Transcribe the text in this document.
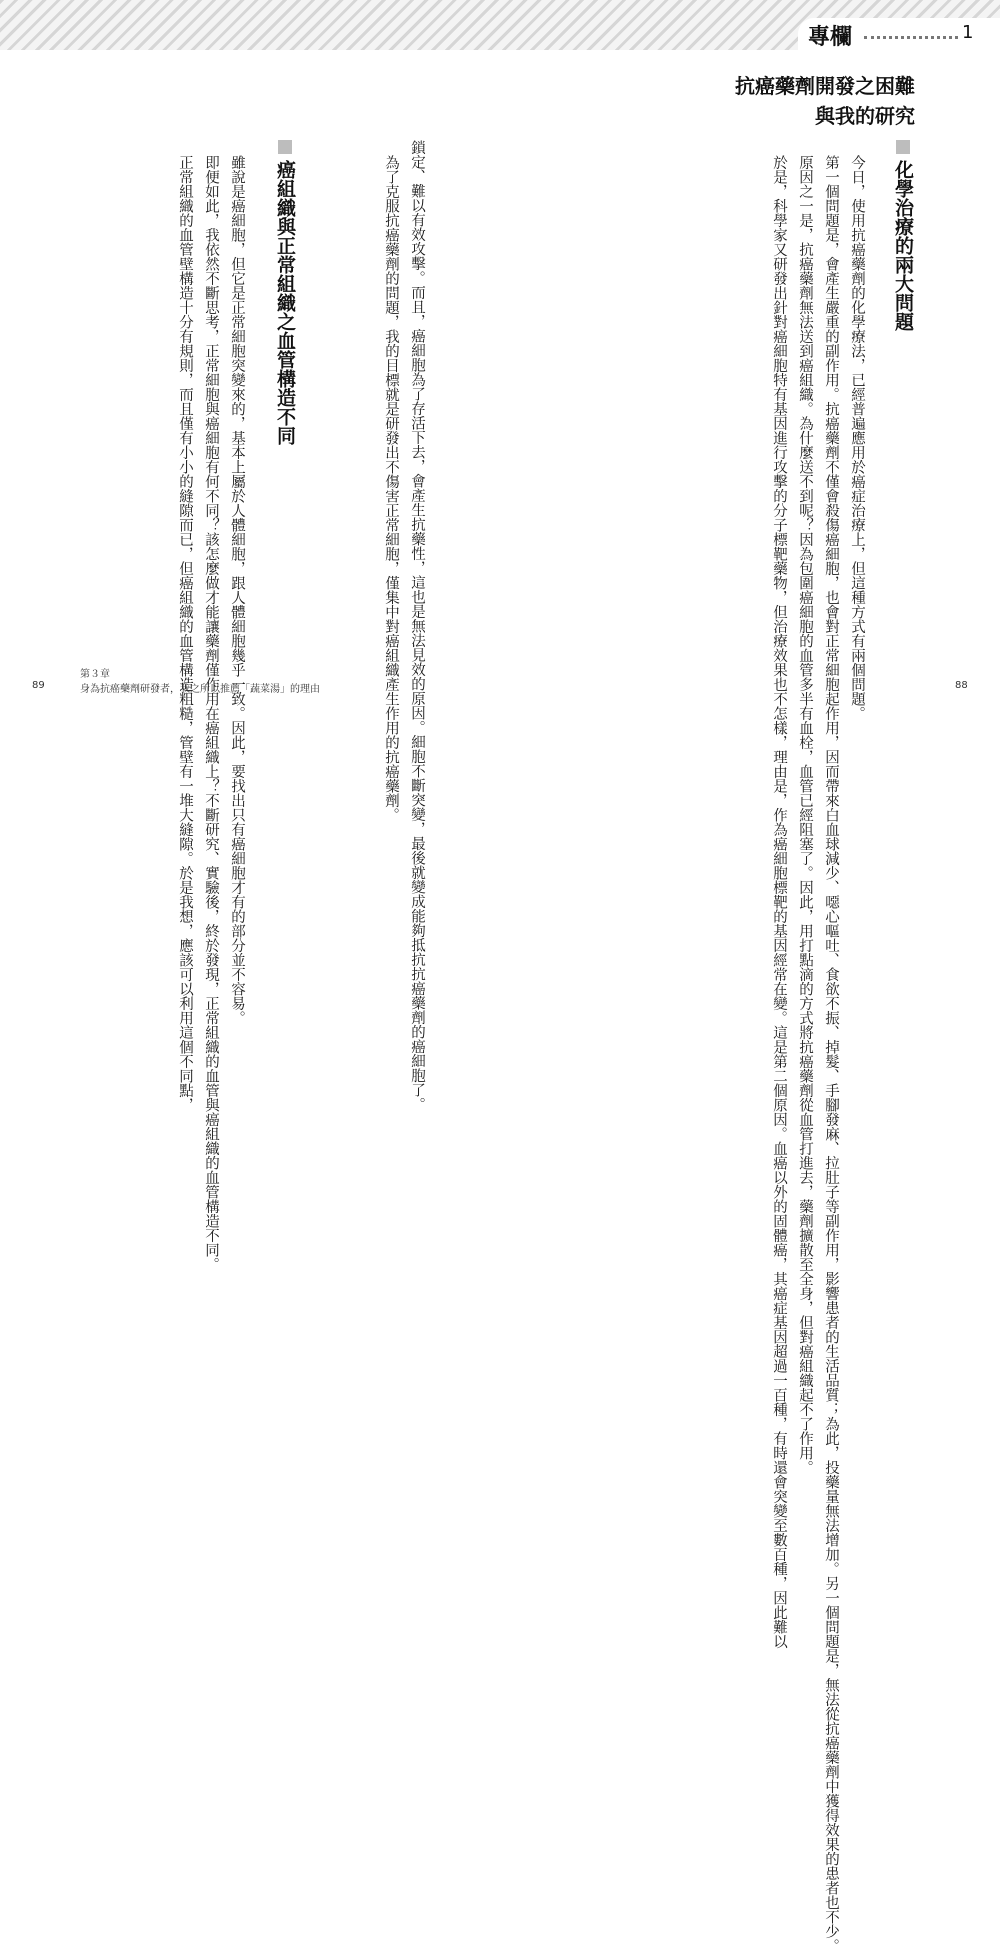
專欄	1
抗癌藥劑開發之困難
與我的研究
化學治療的兩大問題

今日，使用抗癌藥劑的化學療法，已經普遍應用於癌症治療上，但這種方式有兩個問題。

第一個問題是，會產生嚴重的副作用。抗癌藥劑不僅會殺傷癌細胞，也會對正常細胞起作用，因而帶來白血球減少、噁心嘔吐、食欲不振、掉髮、手腳發麻、拉肚子等副作用，影響患者的生活品質；為此，投藥量無法增加。另一個問題是，無法從抗癌藥劑中獲得效果的患者也不少。

原因之一是，抗癌藥劑無法送到癌組織。為什麼送不到呢？因為包圍癌細胞的血管多半有血栓，血管已經阻塞了。因此，用打點滴的方式將抗癌藥劑從血管打進去，藥劑擴散至全身，但對癌組織起不了作用。

於是，科學家又研發出針對癌細胞特有基因進行攻擊的分子標靶藥物，但治療效果也不怎樣，理由是，作為癌細胞標靶的基因經常在變。這是第二個原因。血癌以外的固體癌，其癌症基因超過一百種，有時還會突變至數百種，因此難以

鎖定、難以有效攻擊。而且，癌細胞為了存活下去，會產生抗藥性，這也是無法見效的原因。細胞不斷突變，最後就變成能夠抵抗抗癌藥劑的癌細胞了。

為了克服抗癌藥劑的問題，我的目標就是研發出不傷害正常細胞，僅集中對癌組織產生作用的抗癌藥劑。

癌組織與正常組織之血管構造不同

雖說是癌細胞，但它是正常細胞突變來的，基本上屬於人體細胞，跟人體細胞幾乎一致。因此，要找出只有癌細胞才有的部分並不容易。

即便如此，我依然不斷思考，正常細胞與癌細胞有何不同？該怎麼做才能讓藥劑僅作用在癌組織上？不斷研究、實驗後，終於發現，正常組織的血管與癌組織的血管構造不同。

正常組織的血管壁構造十分有規則，而且僅有小小的縫隙而已，但癌組織的血管構造粗糙，管壁有一堆大縫隙。於是我想，應該可以利用這個不同點，

第３章
身為抗癌藥劑研發者，我之所以推薦「蔬菜湯」的理由
89	88
